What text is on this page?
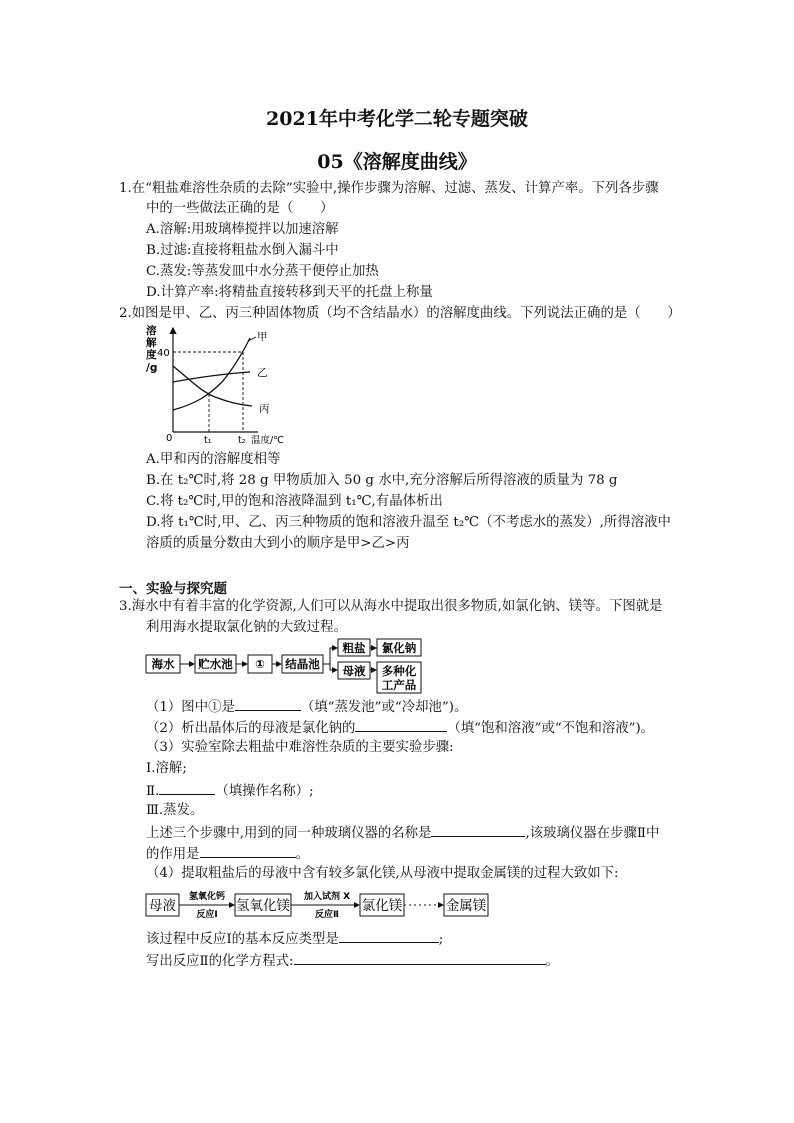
2021年中考化学二轮专题突破
05《溶解度曲线》
1.在“粗盐难溶性杂质的去除”实验中,操作步骤为溶解、过滤、蒸发、计算产率。下列各步骤
中的一些做法正确的是（　　）
A.溶解:用玻璃棒搅拌以加速溶解
B.过滤:直接将粗盐水倒入漏斗中
C.蒸发:等蒸发皿中水分蒸干便停止加热
D.计算产率:将精盐直接转移到天平的托盘上称量
2.如图是甲、乙、丙三种固体物质（均不含结晶水）的溶解度曲线。下列说法正确的是（　　）
溶
解
度
/g
40
甲
乙
丙
0	t₁	t₂ 温度/℃
A.甲和丙的溶解度相等
B.在 t₂℃时,将 28 g 甲物质加入 50 g 水中,充分溶解后所得溶液的质量为 78 g
C.将 t₂℃时,甲的饱和溶液降温到 t₁℃,有晶体析出
D.将 t₁℃时,甲、乙、丙三种物质的饱和溶液升温至 t₂℃（不考虑水的蒸发）,所得溶液中
溶质的质量分数由大到小的顺序是甲>乙>丙
一、实验与探究题
3.海水中有着丰富的化学资源,人们可以从海水中提取出很多物质,如氯化钠、镁等。下图就是
利用海水提取氯化钠的大致过程。
海水 贮水池 ① 结晶池
粗盐 氯化钠
母液 多种化
工产品
（1）图中①是	（填“蒸发池”或“冷却池”)。
（2）析出晶体后的母液是氯化钠的	（填“饱和溶液”或“不饱和溶液”)。
（3）实验室除去粗盐中难溶性杂质的主要实验步骤:
Ⅰ.溶解;
Ⅱ.	（填操作名称）;
Ⅲ.蒸发。
上述三个步骤中,用到的同一种玻璃仪器的名称是	,该玻璃仪器在步骤Ⅱ中
的作用是	。
（4）提取粗盐后的母液中含有较多氯化镁,从母液中提取金属镁的过程大致如下:
母液
氢氧化钙
反应Ⅰ
氢氧化镁
加入试剂 X
反应Ⅱ
氯化镁	金属镁
该过程中反应Ⅰ的基本反应类型是	;
写出反应Ⅱ的化学方程式:	。
